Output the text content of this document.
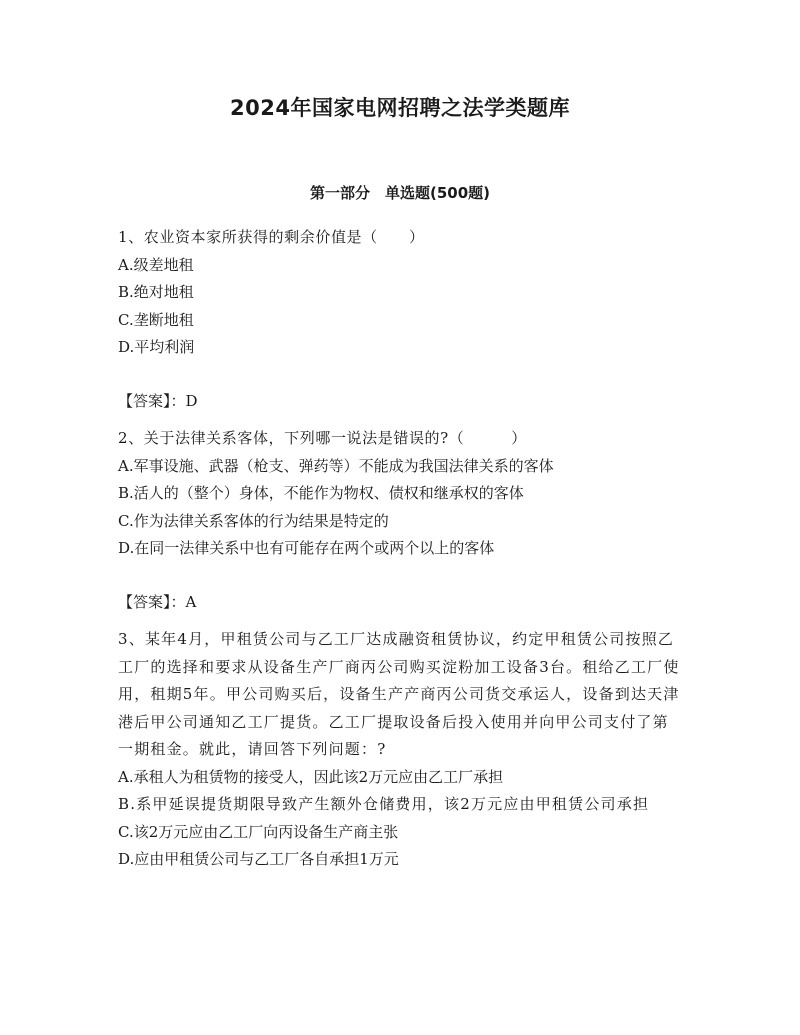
2024年国家电网招聘之法学类题库
第一部分　单选题(500题)

1、农业资本家所获得的剩余价值是（　　）

A.级差地租

B.绝对地租

C.垄断地租

D.平均利润

【答案】：D

2、关于法律关系客体，下列哪一说法是错误的?（　　　）

A.军事设施、武器（枪支、弹药等）不能成为我国法律关系的客体

B.活人的（整个）身体，不能作为物权、债权和继承权的客体

C.作为法律关系客体的行为结果是特定的

D.在同一法律关系中也有可能存在两个或两个以上的客体

【答案】：A

3、某年4月，甲租赁公司与乙工厂达成融资租赁协议，约定甲租赁公司按照乙工厂的选择和要求从设备生产厂商丙公司购买淀粉加工设备3台。租给乙工厂使用，租期5年。甲公司购买后，设备生产产商丙公司货交承运人，设备到达天津港后甲公司通知乙工厂提货。乙工厂提取设备后投入使用并向甲公司支付了第一期租金。就此，请回答下列问题：?

A.承租人为租赁物的接受人，因此该2万元应由乙工厂承担

B.系甲延误提货期限导致产生额外仓储费用，该2万元应由甲租赁公司承担

C.该2万元应由乙工厂向丙设备生产商主张

D.应由甲租赁公司与乙工厂各自承担1万元
